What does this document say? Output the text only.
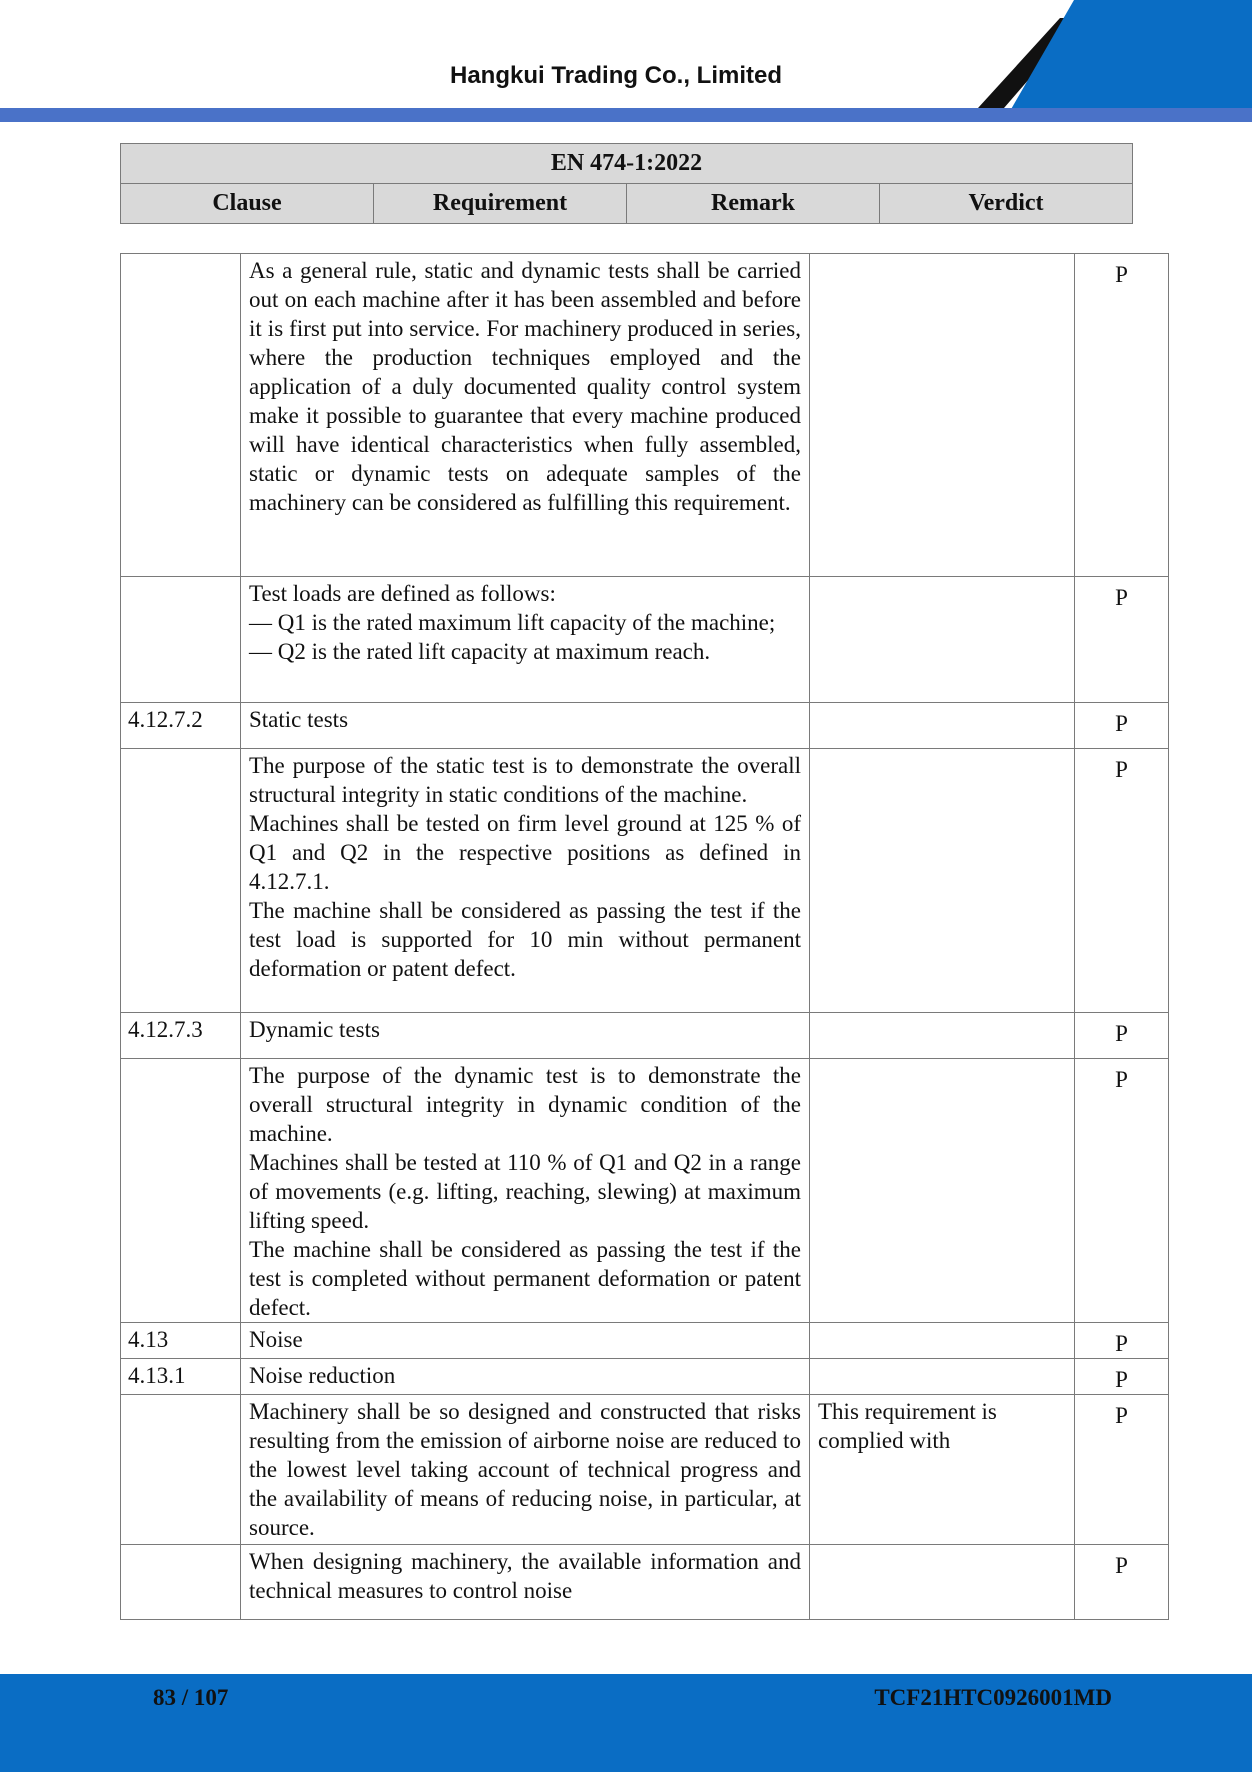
Hangkui Trading Co., Limited
EN 474-1:2022
Clause	Requirement	Remark	Verdict

	As a general rule, static and dynamic tests shall be carried out on each machine after it has been assembled and before it is first put into service. For machinery produced in series, where the production techniques employed and the application of a duly documented quality control system make it possible to guarantee that every machine produced will have identical characteristics when fully assembled, static or dynamic tests on adequate samples of the machinery can be considered as fulfilling this requirement.		P

	Test loads are defined as follows:
— Q1 is the rated maximum lift capacity of the machine;
— Q2 is the rated lift capacity at maximum reach.		P
4.12.7.2	Static tests		P

	The purpose of the static test is to demonstrate the overall structural integrity in static conditions of the machine.
Machines shall be tested on firm level ground at 125 % of Q1 and Q2 in the respective positions as defined in 4.12.7.1.
The machine shall be considered as passing the test if the test load is supported for 10 min without permanent deformation or patent defect.		P
4.12.7.3	Dynamic tests		P

	The purpose of the dynamic test is to demonstrate the overall structural integrity in dynamic condition of the machine.
Machines shall be tested at 110 % of Q1 and Q2 in a range of movements (e.g. lifting, reaching, slewing) at maximum lifting speed.
The machine shall be considered as passing the test if the test is completed without permanent deformation or patent defect.		P
4.13	Noise		P
4.13.1	Noise reduction		P

	Machinery shall be so designed and constructed that risks resulting from the emission of airborne noise are reduced to the lowest level taking account of technical progress and the availability of means of reducing noise, in particular, at source.	This requirement is complied with	P

	When designing machinery, the available information and technical measures to control noise		P
83 / 107	TCF21HTC0926001MD
